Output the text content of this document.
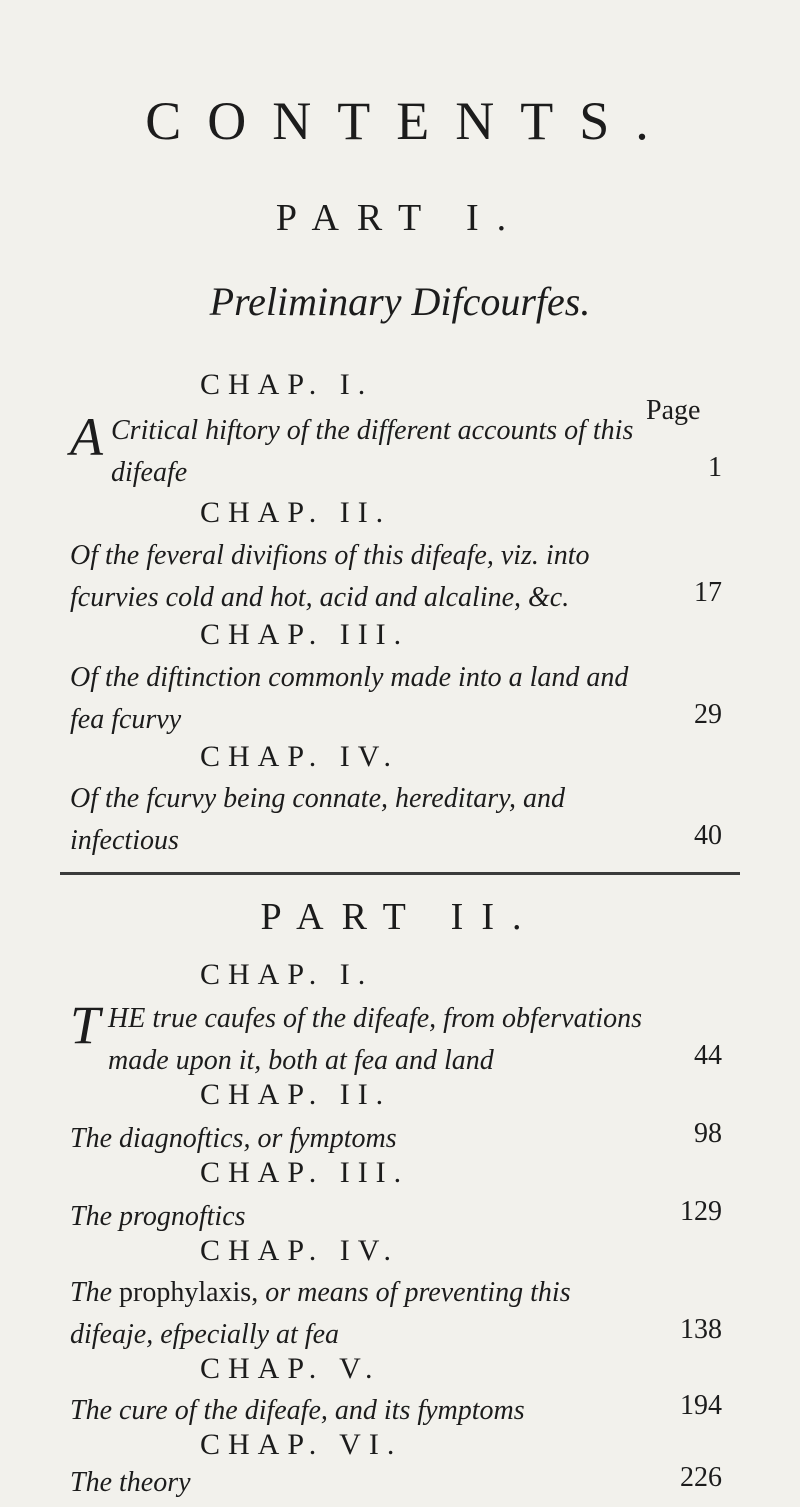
CONTENTS.
PART I.
Preliminary Difcourfes.
CHAP. I.
Page
A Critical hiftory of the different accounts of this difeafe	1
CHAP. II.
Of the feveral divifions of this difeafe, viz. into fcurvies cold and hot, acid and alcaline, &c.	17
CHAP. III.
Of the diftinction commonly made into a land and fea fcurvy	29
CHAP. IV.
Of the fcurvy being connate, hereditary, and infectious	40
PART II.
CHAP. I.
THE true caufes of the difeafe, from obfervations made upon it, both at fea and land	44
CHAP. II.
The diagnoftics, or fymptoms	98
CHAP. III.
The prognoftics	129
CHAP. IV.
The prophylaxis, or means of preventing this difeaje, efpecially at fea	138
CHAP. V.
The cure of the difeafe, and its fymptoms	194
CHAP. VI.
The theory	226
